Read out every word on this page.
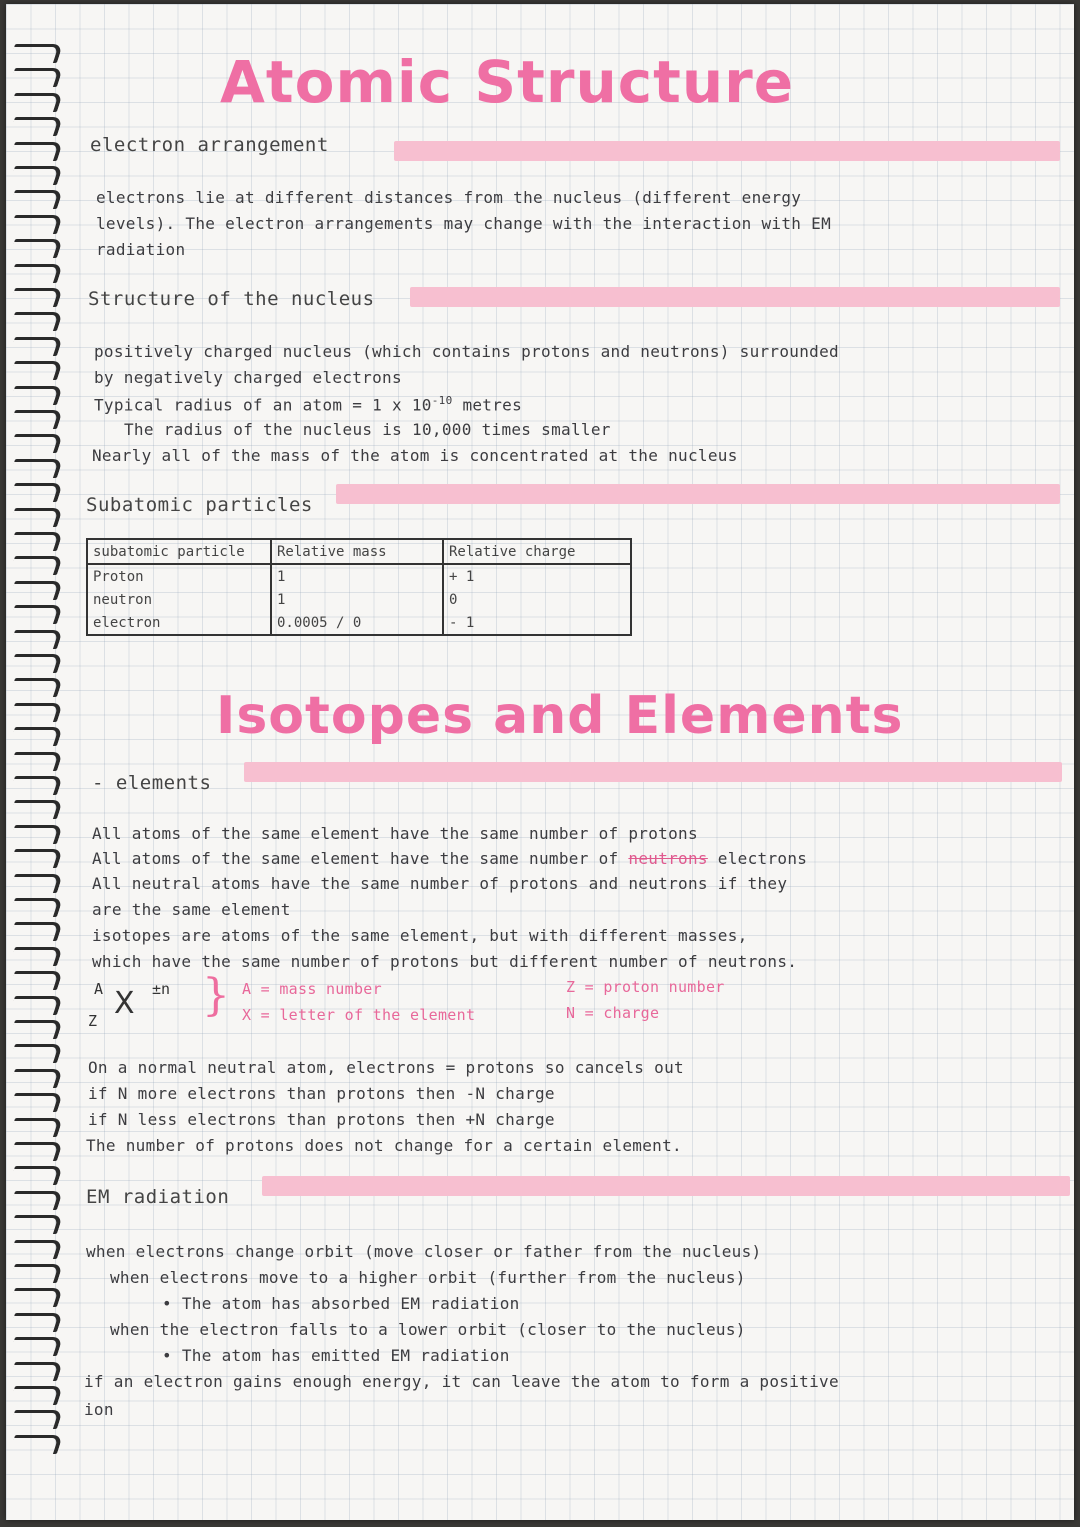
Atomic Structure
electron arrangement
electrons lie at different distances from the nucleus (different energy
levels). The electron arrangements may change with the interaction with EM
radiation
Structure of the nucleus
positively charged nucleus (which contains protons and neutrons) surrounded
by negatively charged electrons
Typical radius of an atom = 1 x $10^{-10}$ metres
The radius of the nucleus is 10,000 times smaller
Nearly all of the mass of the atom is concentrated at the nucleus
Subatomic particles
subatomic particle	Relative mass	Relative charge
Proton	1	+ 1
neutron	1	0
electron	0.0005 / 0	- 1
Isotopes and Elements
- elements
All atoms of the same element have the same number of protons
All atoms of the same element have the same number of neutrons electrons
All neutral atoms have the same number of protons and neutrons if they
are the same element
isotopes are atoms of the same element, but with different masses,
which have the same number of protons but different number of neutrons.
A
Z X ±n } A = mass number
X = letter of the element
Z = proton number
N = charge
On a normal neutral atom, electrons = protons so cancels out
if N more electrons than protons then -N charge
if N less electrons than protons then +N charge
The number of protons does not change for a certain element.
EM radiation
when electrons change orbit (move closer or father from the nucleus)
when electrons move to a higher orbit (further from the nucleus)
• The atom has absorbed EM radiation
when the electron falls to a lower orbit (closer to the nucleus)
• The atom has emitted EM radiation
if an electron gains enough energy, it can leave the atom to form a positive
ion
